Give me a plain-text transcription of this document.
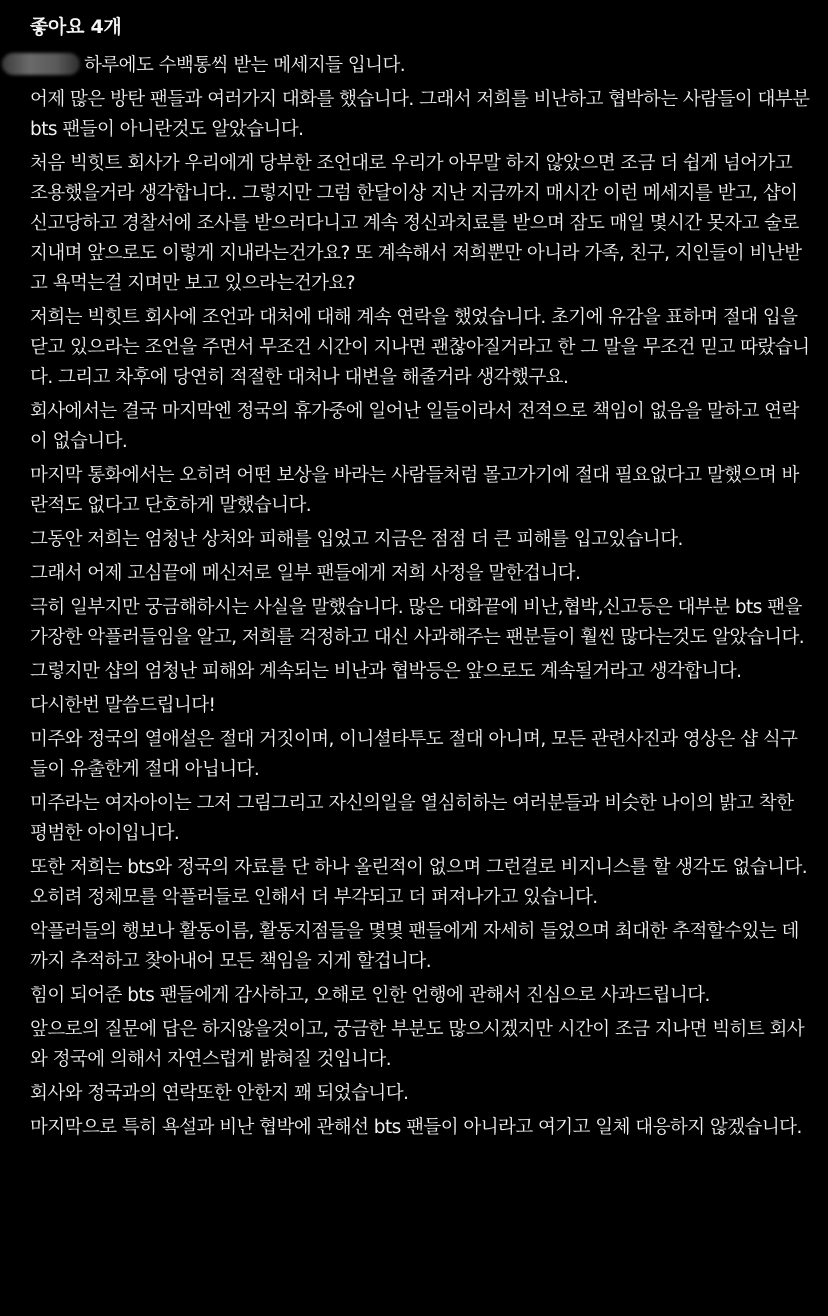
좋아요 4개
하루에도 수백통씩 받는 메세지들 입니다.
어제 많은 방탄 팬들과 여러가지 대화를 했습니다. 그래서 저희를 비난하고 협박하는 사람들이 대부분 bts 팬들이 아니란것도 알았습니다.
처음 빅힛트 회사가 우리에게 당부한 조언대로 우리가 아무말 하지 않았으면 조금 더 쉽게 넘어가고 조용했을거라 생각합니다.. 그렇지만 그럼 한달이상 지난 지금까지 매시간 이런 메세지를 받고, 샵이 신고당하고 경찰서에 조사를 받으러다니고 계속 정신과치료를 받으며 잠도 매일 몇시간 못자고 술로 지내며 앞으로도 이렇게 지내라는건가요? 또 계속해서 저희뿐만 아니라 가족, 친구, 지인들이 비난받고 욕먹는걸 지며만 보고 있으라는건가요?
저희는 빅힛트 회사에 조언과 대처에 대해 계속 연락을 했었습니다. 초기에 유감을 표하며 절대 입을 닫고 있으라는 조언을 주면서 무조건 시간이 지나면 괜찮아질거라고 한 그 말을 무조건 믿고 따랐습니다. 그리고 차후에 당연히 적절한 대처나 대변을 해줄거라 생각했구요.
회사에서는 결국 마지막엔 정국의 휴가중에 일어난 일들이라서 전적으로 책임이 없음을 말하고 연락이 없습니다.
마지막 통화에서는 오히려 어떤 보상을 바라는 사람들처럼 몰고가기에 절대 필요없다고 말했으며 바란적도 없다고 단호하게 말했습니다.
그동안 저희는 엄청난 상처와 피해를 입었고 지금은 점점 더 큰 피해를 입고있습니다.
그래서 어제 고심끝에 메신저로 일부 팬들에게 저희 사정을 말한겁니다.
극히 일부지만 궁금해하시는 사실을 말했습니다. 많은 대화끝에 비난,협박,신고등은 대부분 bts 팬을 가장한 악플러들임을 알고, 저희를 걱정하고 대신 사과해주는 팬분들이 훨씬 많다는것도 알았습니다.
그렇지만 샵의 엄청난 피해와 계속되는 비난과 협박등은 앞으로도 계속될거라고 생각합니다.
다시한번 말씀드립니다!
미주와 정국의 열애설은 절대 거짓이며, 이니셜타투도 절대 아니며, 모든 관련사진과 영상은 샵 식구들이 유출한게 절대 아닙니다.
미주라는 여자아이는 그저 그림그리고 자신의일을 열심히하는 여러분들과 비슷한 나이의 밝고 착한 평범한 아이입니다.
또한 저희는 bts와 정국의 자료를 단 하나 올린적이 없으며 그런걸로 비지니스를 할 생각도 없습니다. 오히려 정체모를 악플러들로 인해서 더 부각되고 더 퍼져나가고 있습니다.
악플러들의 행보나 활동이름, 활동지점들을 몇몇 팬들에게 자세히 들었으며 최대한 추적할수있는 데까지 추적하고 찾아내어 모든 책임을 지게 할겁니다.
힘이 되어준 bts 팬들에게 감사하고, 오해로 인한 언행에 관해서 진심으로 사과드립니다.
앞으로의 질문에 답은 하지않을것이고, 궁금한 부분도 많으시겠지만 시간이 조금 지나면 빅히트 회사와 정국에 의해서 자연스럽게 밝혀질 것입니다.
회사와 정국과의 연락또한 안한지 꽤 되었습니다.
마지막으로 특히 욕설과 비난 협박에 관해선 bts 팬들이 아니라고 여기고 일체 대응하지 않겠습니다.
